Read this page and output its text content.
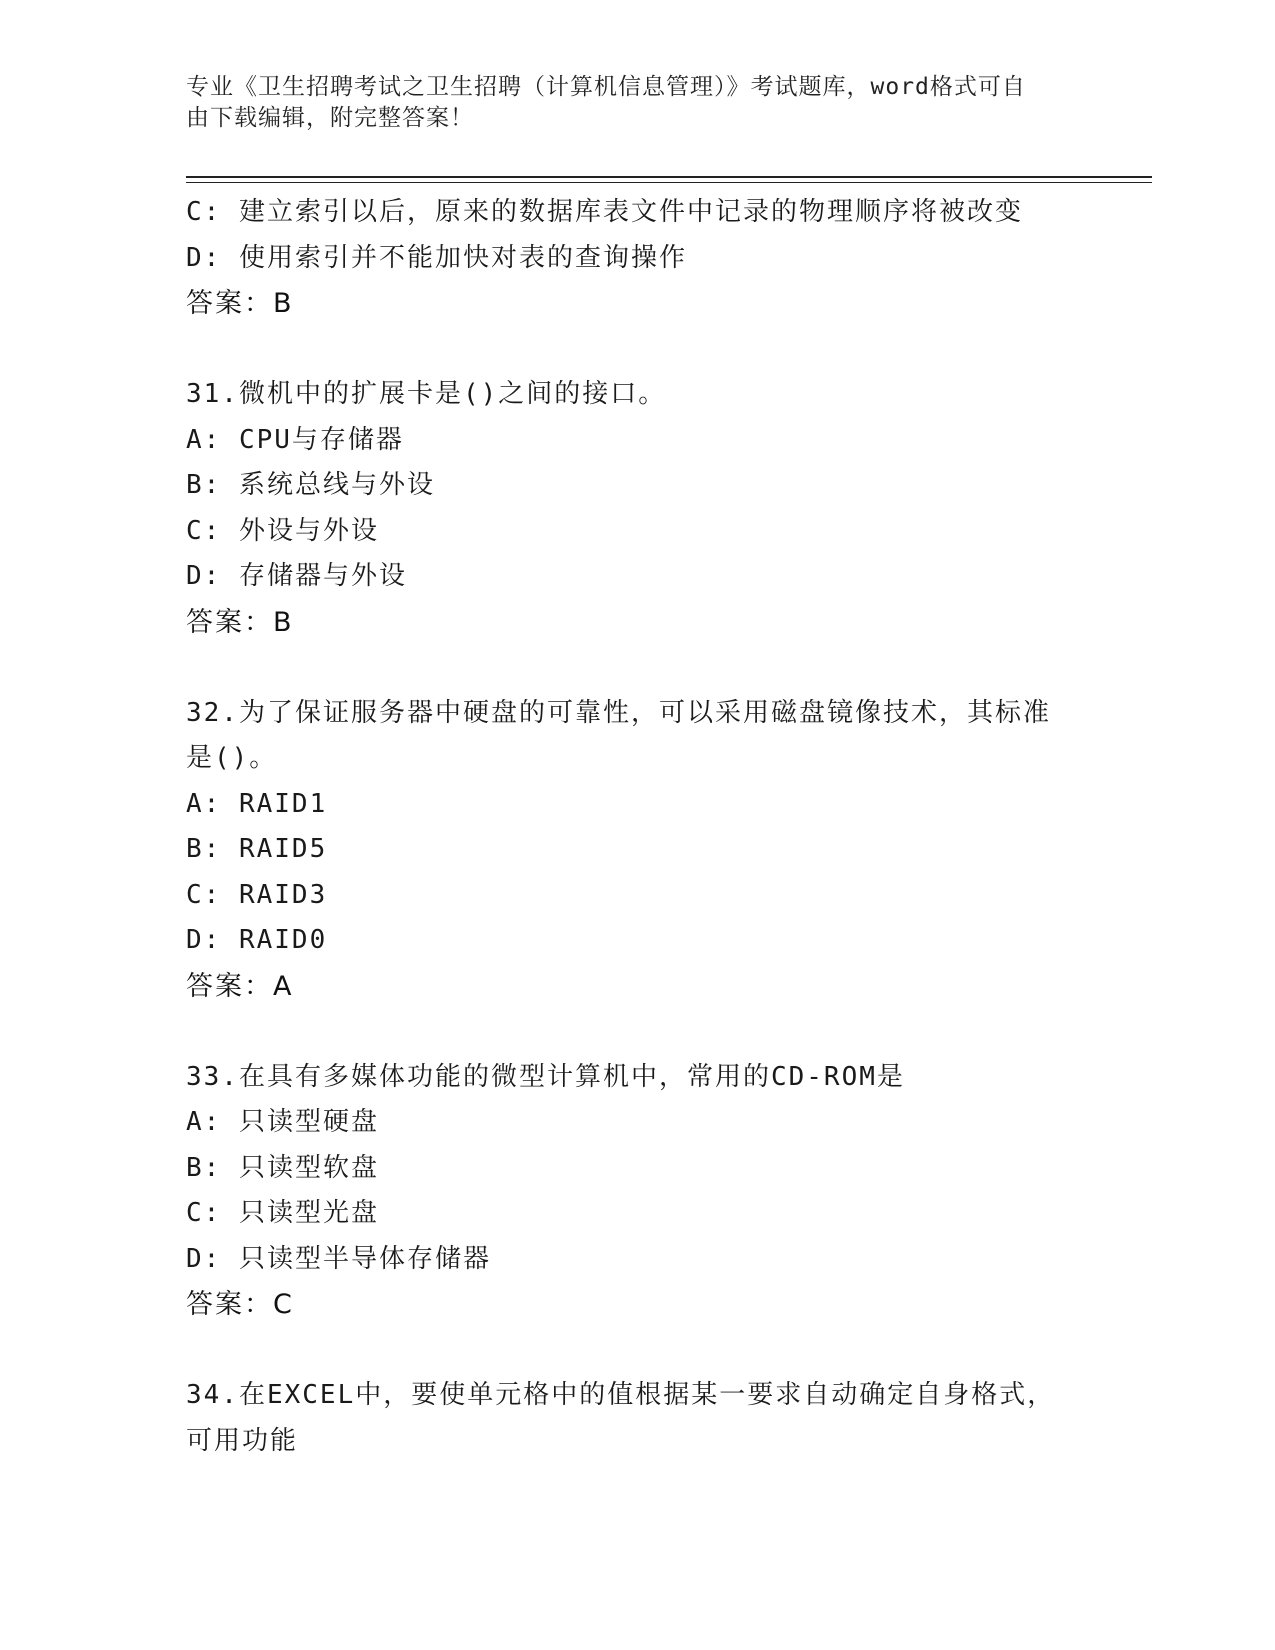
专业《卫生招聘考试之卫生招聘（计算机信息管理）》考试题库，word格式可自
由下载编辑，附完整答案！
C: 建立索引以后，原来的数据库表文件中记录的物理顺序将被改变
D: 使用索引并不能加快对表的查询操作
答案：B
31.微机中的扩展卡是()之间的接口。
A: CPU与存储器
B: 系统总线与外设
C: 外设与外设
D: 存储器与外设
答案：B
32.为了保证服务器中硬盘的可靠性，可以采用磁盘镜像技术，其标准
是()。
A: RAID1
B: RAID5
C: RAID3
D: RAID0
答案：A
33.在具有多媒体功能的微型计算机中，常用的CD-ROM是
A: 只读型硬盘
B: 只读型软盘
C: 只读型光盘
D: 只读型半导体存储器
答案：C
34.在EXCEL中，要使单元格中的值根据某一要求自动确定自身格式，
可用功能
